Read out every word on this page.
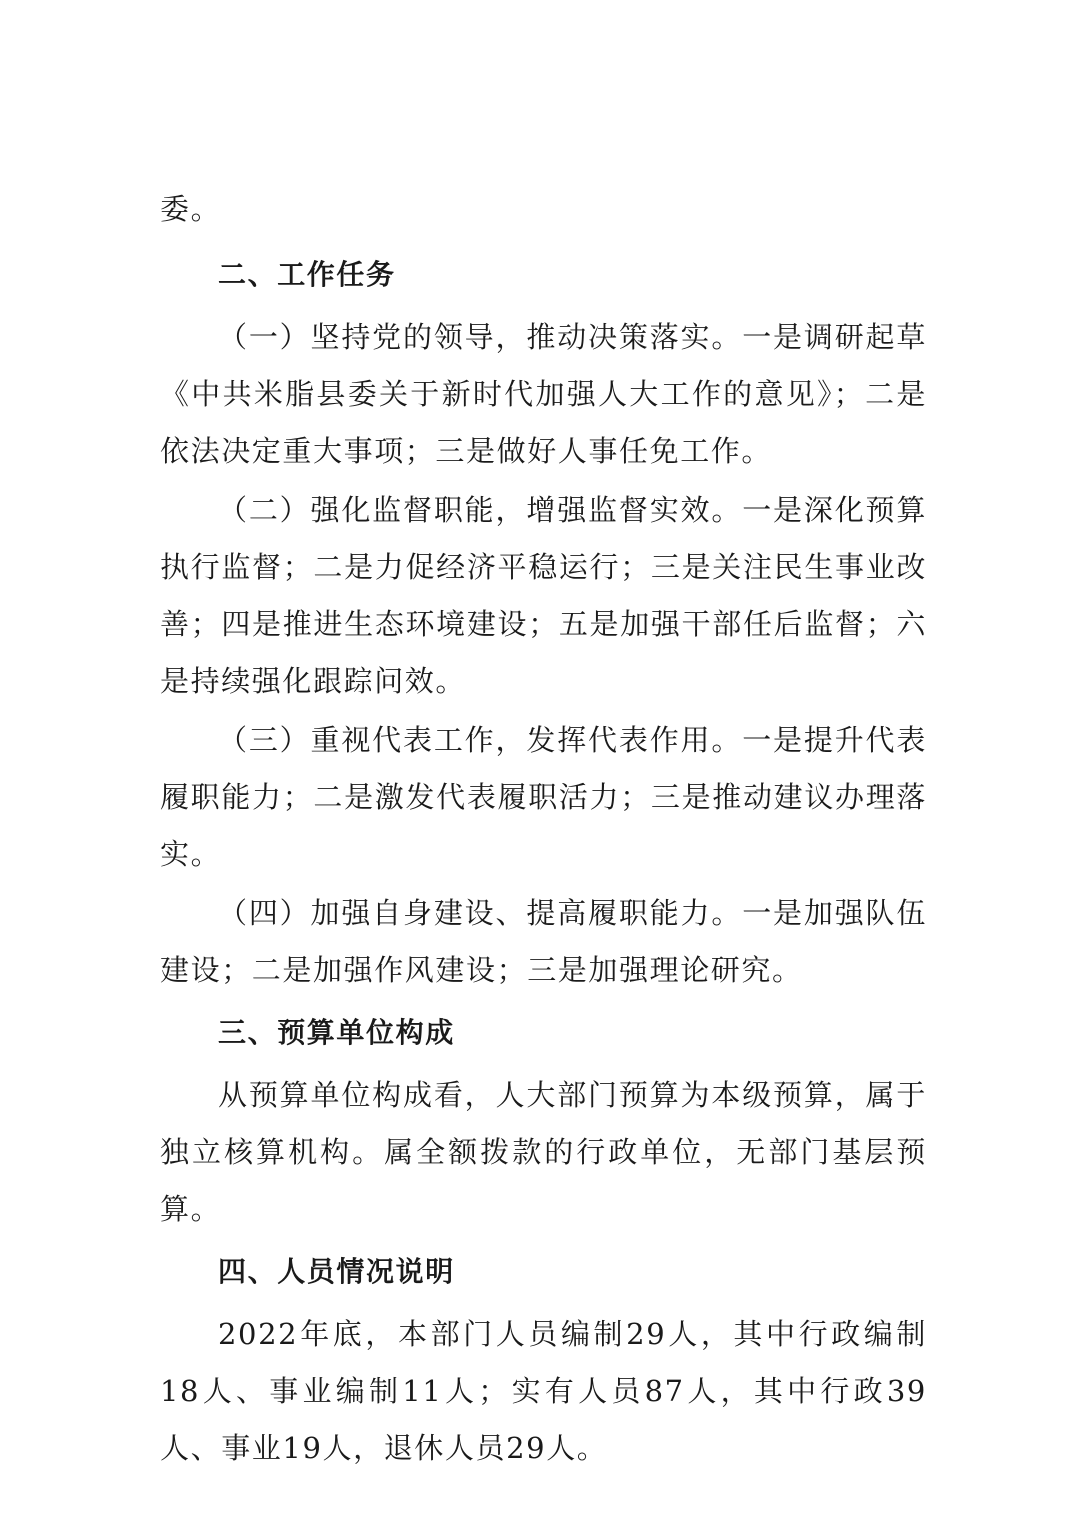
委。

二、工作任务

（一）坚持党的领导，推动决策落实。一是调研起草《中共米脂县委关于新时代加强人大工作的意见》；二是依法决定重大事项；三是做好人事任免工作。

（二）强化监督职能，增强监督实效。一是深化预算执行监督；二是力促经济平稳运行；三是关注民生事业改善；四是推进生态环境建设；五是加强干部任后监督；六是持续强化跟踪问效。

（三）重视代表工作，发挥代表作用。一是提升代表履职能力；二是激发代表履职活力；三是推动建议办理落实。

（四）加强自身建设、提高履职能力。一是加强队伍建设；二是加强作风建设；三是加强理论研究。

三、预算单位构成

从预算单位构成看，人大部门预算为本级预算，属于独立核算机构。属全额拨款的行政单位，无部门基层预算。

四、人员情况说明

2022年底，本部门人员编制29人，其中行政编制18人、事业编制11人；实有人员87人，其中行政39人、事业19人，退休人员29人。
